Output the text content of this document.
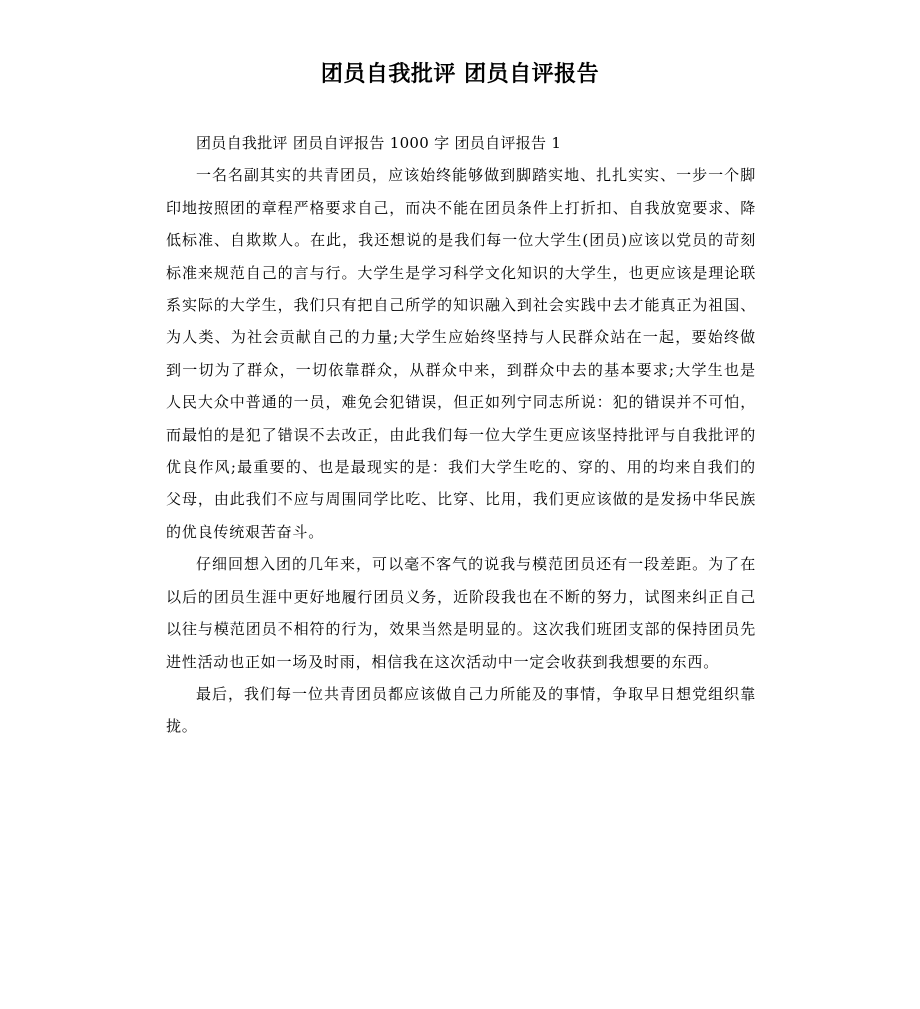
团员自我批评 团员自评报告

团员自我批评 团员自评报告 1000 字 团员自评报告 1

一名名副其实的共青团员，应该始终能够做到脚踏实地、扎扎实实、一步一个脚印地按照团的章程严格要求自己，而决不能在团员条件上打折扣、自我放宽要求、降低标准、自欺欺人。在此，我还想说的是我们每一位大学生(团员)应该以党员的苛刻标准来规范自己的言与行。大学生是学习科学文化知识的大学生，也更应该是理论联系实际的大学生，我们只有把自己所学的知识融入到社会实践中去才能真正为祖国、为人类、为社会贡献自己的力量;大学生应始终坚持与人民群众站在一起，要始终做到一切为了群众，一切依靠群众，从群众中来，到群众中去的基本要求;大学生也是人民大众中普通的一员，难免会犯错误，但正如列宁同志所说：犯的错误并不可怕，而最怕的是犯了错误不去改正，由此我们每一位大学生更应该坚持批评与自我批评的优良作风;最重要的、也是最现实的是：我们大学生吃的、穿的、用的均来自我们的父母，由此我们不应与周围同学比吃、比穿、比用，我们更应该做的是发扬中华民族的优良传统艰苦奋斗。

仔细回想入团的几年来，可以毫不客气的说我与模范团员还有一段差距。为了在以后的团员生涯中更好地履行团员义务，近阶段我也在不断的努力，试图来纠正自己以往与模范团员不相符的行为，效果当然是明显的。这次我们班团支部的保持团员先进性活动也正如一场及时雨，相信我在这次活动中一定会收获到我想要的东西。

最后，我们每一位共青团员都应该做自己力所能及的事情，争取早日想党组织靠拢。
